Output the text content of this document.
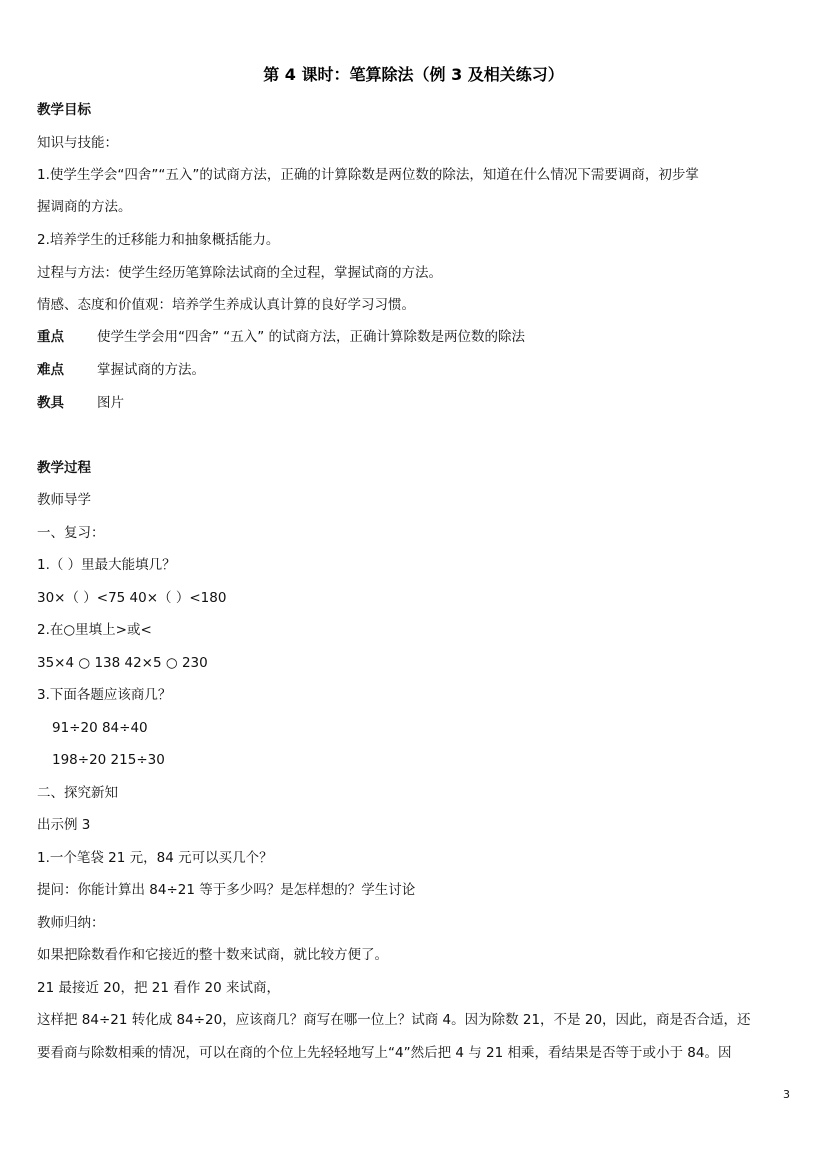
第 4 课时：笔算除法（例 3 及相关练习）
教学目标
知识与技能：
1.使学生学会“四舍”“五入”的试商方法，正确的计算除数是两位数的除法，知道在什么情况下需要调商，初步掌
握调商的方法。
2.培养学生的迁移能力和抽象概括能力。
过程与方法：使学生经历笔算除法试商的全过程，掌握试商的方法。
情感、态度和价值观：培养学生养成认真计算的良好学习习惯。
重点 使学生学会用“四舍” “五入” 的试商方法，正确计算除数是两位数的除法
难点 掌握试商的方法。
教具 图片
教学过程
教师导学
一、复习：
1.（ ）里最大能填几？
30×（ ）<75 40×（ ）<180
2.在○里填上>或<
35×4 ○ 138 42×5 ○ 230
3.下面各题应该商几？
91÷20 84÷40
198÷20 215÷30
二、探究新知
出示例 3
1.一个笔袋 21 元，84 元可以买几个？
提问：你能计算出 84÷21 等于多少吗？是怎样想的？学生讨论
教师归纳：
如果把除数看作和它接近的整十数来试商，就比较方便了。
21 最接近 20，把 21 看作 20 来试商，
这样把 84÷21 转化成 84÷20，应该商几？商写在哪一位上？试商 4。因为除数 21，不是 20，因此，商是否合适，还
要看商与除数相乘的情况，可以在商的个位上先轻轻地写上“4”然后把 4 与 21 相乘，看结果是否等于或小于 84。因
3
